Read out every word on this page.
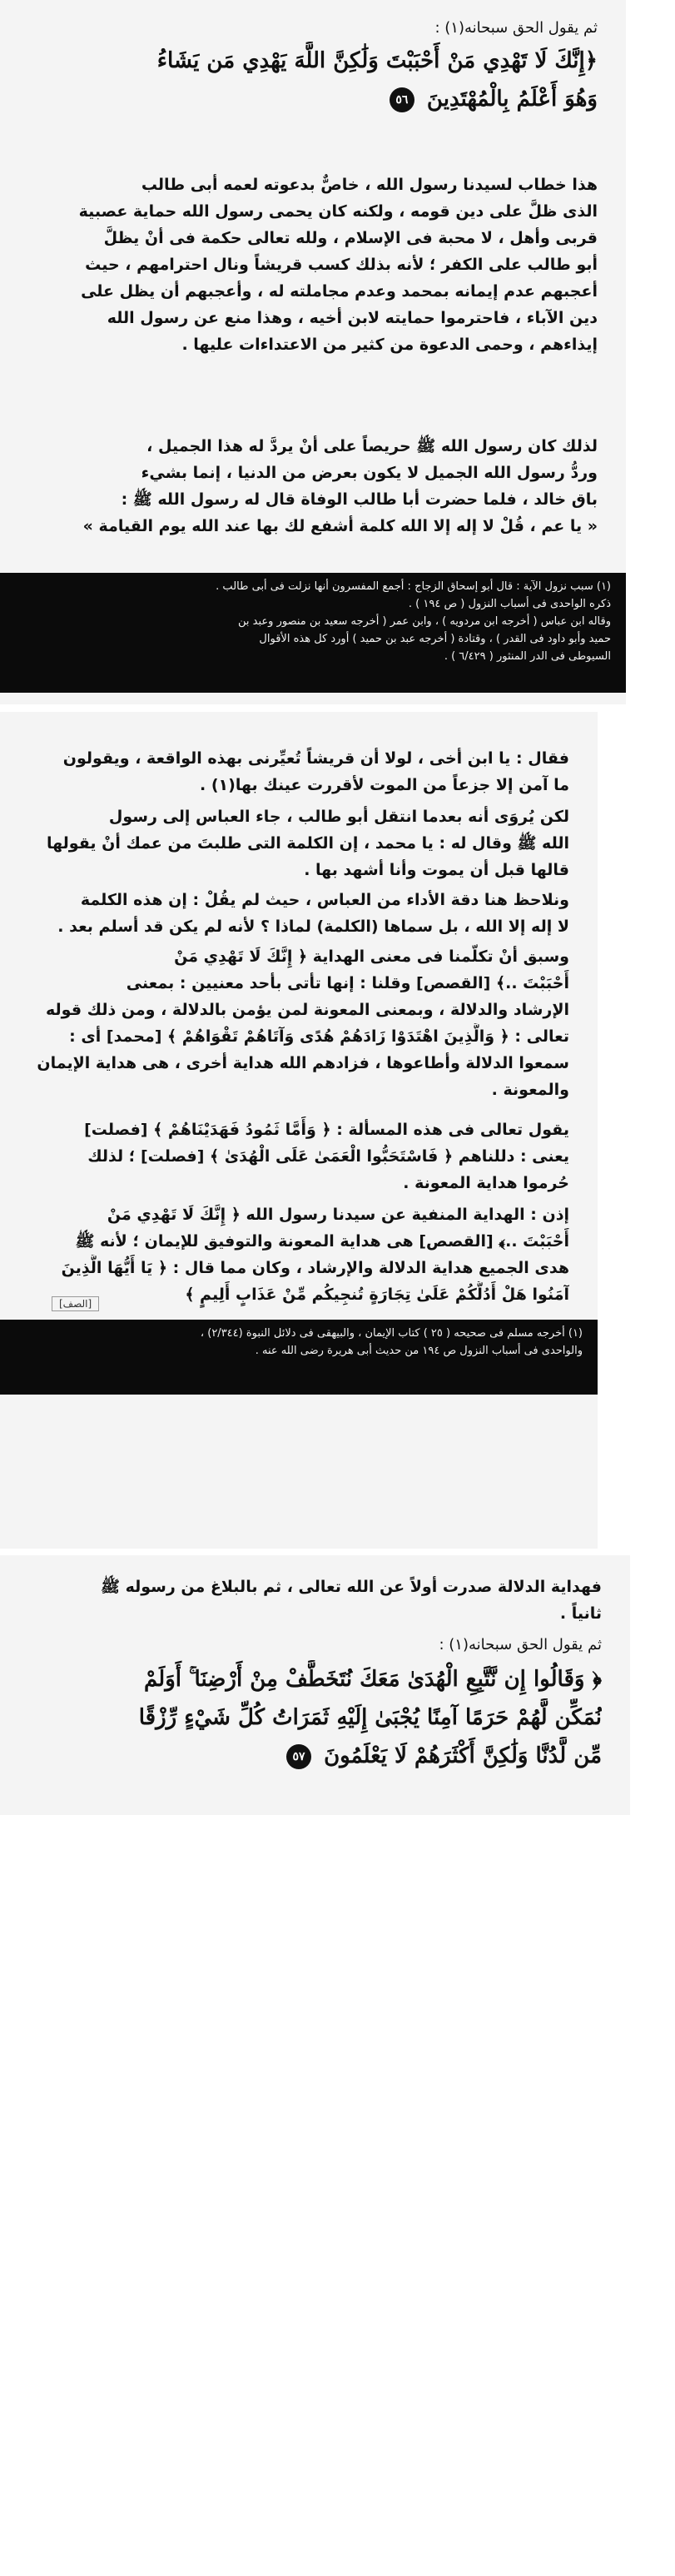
ثم يقول الحق سبحانه(١) :
﴿إِنَّكَ لَا تَهْدِي مَنْ أَحْبَبْتَ وَلَٰكِنَّ اللَّهَ يَهْدِي مَن يَشَاءُ
وَهُوَ أَعْلَمُ بِالْمُهْتَدِينَ ٥٦
هذا خطاب لسيدنا رسول الله ، خاصٌّ بدعوته لعمه أبى طالب
الذى ظلَّ على دين قومه ، ولكنه كان يحمى رسول الله حماية عصبية
قربى وأهل ، لا محبة فى الإسلام ، ولله تعالى حكمة فى أنْ يظلَّ
أبو طالب على الكفر ؛ لأنه بذلك كسب قريشاً ونال احترامهم ، حيث
أعجبهم عدم إيمانه بمحمد وعدم مجاملته له ، وأعجبهم أن يظل على
دين الآباء ، فاحترموا حمايته لابن أخيه ، وهذا منع عن رسول الله
إيذاءهم ، وحمى الدعوة من كثير من الاعتداءات عليها .
لذلك كان رسول الله ﷺ حريصاً على أنْ يردَّ له هذا الجميل ،
وردُّ رسول الله الجميل لا يكون بعرض من الدنيا ، إنما بشيء
باق خالد ، فلما حضرت أبا طالب الوفاة قال له رسول الله ﷺ :
« يا عم ، قُلْ لا إله إلا الله كلمة أشفع لك بها عند الله يوم القيامة »
(١) سبب نزول الآية : قال أبو إسحاق الزجاج : أجمع المفسرون أنها نزلت فى أبى طالب .
ذكره الواحدى فى أسباب النزول ( ص ١٩٤ ) .
وقاله ابن عباس ( أخرجه ابن مردويه ) ، وابن عمر ( أخرجه سعيد بن منصور وعبد بن
حميد وأبو داود فى القدر ) ، وقتادة ( أخرجه عبد بن حميد ) أورد كل هذه الأقوال
السيوطى فى الدر المنثور ( ٦/٤٢٩ ) .
فقال : يا ابن أخى ، لولا أن قريشاً تُعيِّرنى بهذه الواقعة ، ويقولون
ما آمن إلا جزعاً من الموت لأقررت عينك بها(١) .
لكن يُروَى أنه بعدما انتقل أبو طالب ، جاء العباس إلى رسول
الله ﷺ وقال له : يا محمد ، إن الكلمة التى طلبتَ من عمك أنْ يقولها
قالها قبل أن يموت وأنا أشهد بها .
ونلاحظ هنا دقة الأداء من العباس ، حيث لم يقُلْ : إن هذه الكلمة
لا إله إلا الله ، بل سماها (الكلمة) لماذا ؟ لأنه لم يكن قد أسلم بعد .
وسبق أنْ تكلّمنا فى معنى الهداية ﴿ إِنَّكَ لَا تَهْدِي مَنْ
أَحْبَبْتَ ..﴾ [القصص] وقلنا : إنها تأتى بأحد معنيين : بمعنى
الإرشاد والدلالة ، وبمعنى المعونة لمن يؤمن بالدلالة ، ومن ذلك قوله
تعالى : ﴿ وَالَّذِينَ اهْتَدَوْا زَادَهُمْ هُدًى وَآتَاهُمْ تَقْوَاهُمْ ﴾ [محمد] أى :
سمعوا الدلالة وأطاعوها ، فزادهم الله هداية أخرى ، هى هداية الإيمان
والمعونة .
يقول تعالى فى هذه المسألة : ﴿ وَأَمَّا ثَمُودُ فَهَدَيْنَاهُمْ ﴾ [فصلت]
يعنى : دللناهم ﴿ فَاسْتَحَبُّوا الْعَمَىٰ عَلَى الْهُدَىٰ ﴾ [فصلت] ؛ لذلك
حُرموا هداية المعونة .
إذن : الهداية المنفية عن سيدنا رسول الله ﴿ إِنَّكَ لَا تَهْدِي مَنْ
أَحْبَبْتَ ..﴾ [القصص] هى هداية المعونة والتوفيق للإيمان ؛ لأنه ﷺ
هدى الجميع هداية الدلالة والإرشاد ، وكان مما قال : ﴿ يَا أَيُّهَا الَّذِينَ
آمَنُوا هَلْ أَدُلُّكُمْ عَلَىٰ تِجَارَةٍ تُنجِيكُم مِّنْ عَذَابٍ أَلِيمٍ ﴾
[الصف]
(١) أخرجه مسلم فى صحيحه ( ٢٥ ) كتاب الإيمان ، والبيهقى فى دلائل النبوة (٢/٣٤٤) ،
والواحدى فى أسباب النزول ص ١٩٤ من حديث أبى هريرة رضى الله عنه .
فهداية الدلالة صدرت أولاً عن الله تعالى ، ثم بالبلاغ من رسوله ﷺ
ثانياً .
ثم يقول الحق سبحانه(١) :
﴿ وَقَالُوا إِن نَّتَّبِعِ الْهُدَىٰ مَعَكَ نُتَخَطَّفْ مِنْ أَرْضِنَا ۚ أَوَلَمْ
نُمَكِّن لَّهُمْ حَرَمًا آمِنًا يُجْبَىٰ إِلَيْهِ ثَمَرَاتُ كُلِّ شَيْءٍ رِّزْقًا
مِّن لَّدُنَّا وَلَٰكِنَّ أَكْثَرَهُمْ لَا يَعْلَمُونَ ٥٧
